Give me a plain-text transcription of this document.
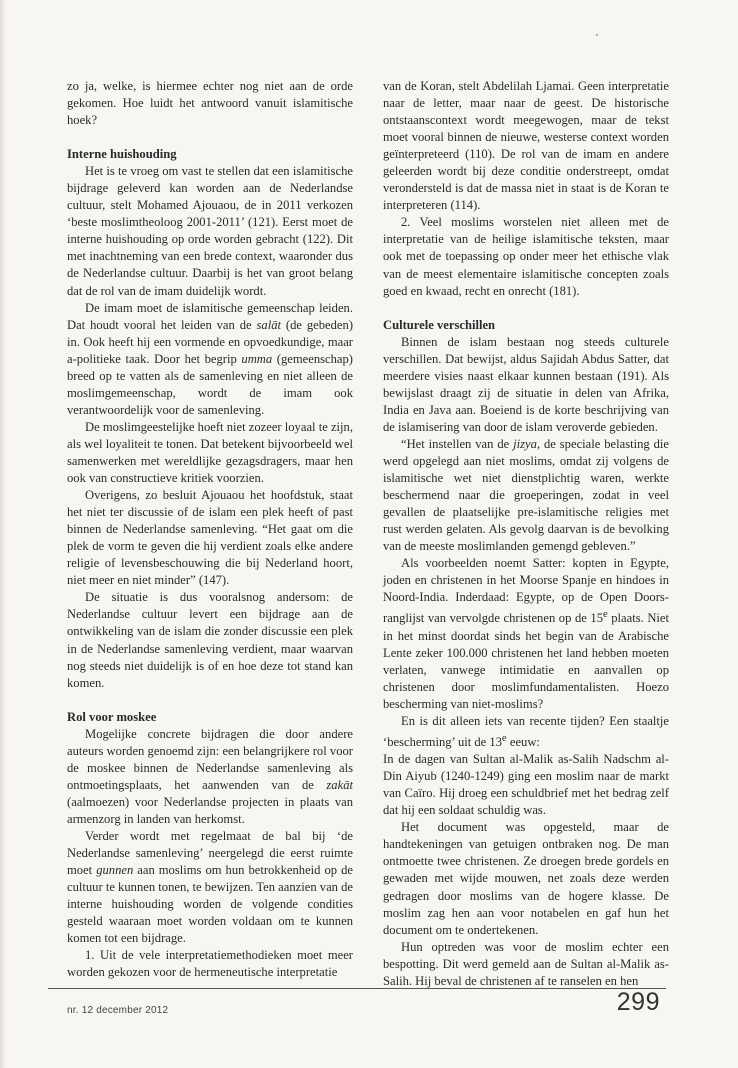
zo ja, welke, is hiermee echter nog niet aan de orde gekomen. Hoe luidt het antwoord vanuit islamitische hoek?

Interne huishouding

Het is te vroeg om vast te stellen dat een islamitische bijdrage geleverd kan worden aan de Nederlandse cultuur, stelt Mohamed Ajouaou, de in 2011 verkozen ‘beste moslimtheoloog 2001-2011’ (121). Eerst moet de interne huishouding op orde worden gebracht (122). Dit met inachtneming van een brede context, waaronder dus de Nederlandse cultuur. Daarbij is het van groot belang dat de rol van de imam duidelijk wordt.

De imam moet de islamitische gemeenschap leiden. Dat houdt vooral het leiden van de salāt (de gebeden) in. Ook heeft hij een vormende en opvoedkundige, maar a-politieke taak. Door het begrip umma (gemeenschap) breed op te vatten als de samenleving en niet alleen de moslimgemeenschap, wordt de imam ook verantwoordelijk voor de samenleving.

De moslimgeestelijke hoeft niet zozeer loyaal te zijn, als wel loyaliteit te tonen. Dat betekent bijvoorbeeld wel samenwerken met wereldlijke gezagsdragers, maar hen ook van constructieve kritiek voorzien.

Overigens, zo besluit Ajouaou het hoofdstuk, staat het niet ter discussie of de islam een plek heeft of past binnen de Nederlandse samenleving. “Het gaat om die plek de vorm te geven die hij verdient zoals elke andere religie of levensbeschouwing die bij Nederland hoort, niet meer en niet minder” (147).

De situatie is dus vooralsnog andersom: de Nederlandse cultuur levert een bijdrage aan de ontwikkeling van de islam die zonder discussie een plek in de Nederlandse samenleving verdient, maar waarvan nog steeds niet duidelijk is of en hoe deze tot stand kan komen.

Rol voor moskee

Mogelijke concrete bijdragen die door andere auteurs worden genoemd zijn: een belangrijkere rol voor de moskee binnen de Nederlandse samenleving als ontmoetingsplaats, het aanwenden van de zakāt (aalmoezen) voor Nederlandse projecten in plaats van armenzorg in landen van herkomst.

Verder wordt met regelmaat de bal bij ‘de Nederlandse samenleving’ neergelegd die eerst ruimte moet gunnen aan moslims om hun betrokkenheid op de cultuur te kunnen tonen, te bewijzen. Ten aanzien van de interne huishouding worden de volgende condities gesteld waaraan moet worden voldaan om te kunnen komen tot een bijdrage.

1. Uit de vele interpretatiemethodieken moet meer worden gekozen voor de hermeneutische interpretatie

van de Koran, stelt Abdelilah Ljamai. Geen interpretatie naar de letter, maar naar de geest. De historische ontstaanscontext wordt meegewogen, maar de tekst moet vooral binnen de nieuwe, westerse context worden geïnterpreteerd (110). De rol van de imam en andere geleerden wordt bij deze conditie onderstreept, omdat verondersteld is dat de massa niet in staat is de Koran te interpreteren (114).

2. Veel moslims worstelen niet alleen met de interpretatie van de heilige islamitische teksten, maar ook met de toepassing op onder meer het ethische vlak van de meest elementaire islamitische concepten zoals goed en kwaad, recht en onrecht (181).

Culturele verschillen

Binnen de islam bestaan nog steeds culturele verschillen. Dat bewijst, aldus Sajidah Abdus Satter, dat meerdere visies naast elkaar kunnen bestaan (191). Als bewijslast draagt zij de situatie in delen van Afrika, India en Java aan. Boeiend is de korte beschrijving van de islamisering van door de islam veroverde gebieden.

“Het instellen van de jizya, de speciale belasting die werd opgelegd aan niet moslims, omdat zij volgens de islamitische wet niet dienstplichtig waren, werkte beschermend naar die groeperingen, zodat in veel gevallen de plaatselijke pre-islamitische religies met rust werden gelaten. Als gevolg daarvan is de bevolking van de meeste moslimlanden gemengd gebleven.”

Als voorbeelden noemt Satter: kopten in Egypte, joden en christenen in het Moorse Spanje en hindoes in Noord-India. Inderdaad: Egypte, op de Open Doors-ranglijst van vervolgde christenen op de 15e plaats. Niet in het minst doordat sinds het begin van de Arabische Lente zeker 100.000 christenen het land hebben moeten verlaten, vanwege intimidatie en aanvallen op christenen door moslimfundamentalisten. Hoezo bescherming van niet-moslims?

En is dit alleen iets van recente tijden? Een staaltje ‘bescherming’ uit de 13e eeuw:

In de dagen van Sultan al-Malik as-Salih Nadschm al-Din Aiyub (1240-1249) ging een moslim naar de markt van Caïro. Hij droeg een schuldbrief met het bedrag zelf dat hij een soldaat schuldig was.

Het document was opgesteld, maar de handtekeningen van getuigen ontbraken nog. De man ontmoette twee christenen. Ze droegen brede gordels en gewaden met wijde mouwen, net zoals deze werden gedragen door moslims van de hogere klasse. De moslim zag hen aan voor notabelen en gaf hun het document om te ondertekenen.

Hun optreden was voor de moslim echter een bespotting. Dit werd gemeld aan de Sultan al-Malik as-Salih. Hij beval de christenen af te ranselen en hen

nr. 12 december 2012	299
